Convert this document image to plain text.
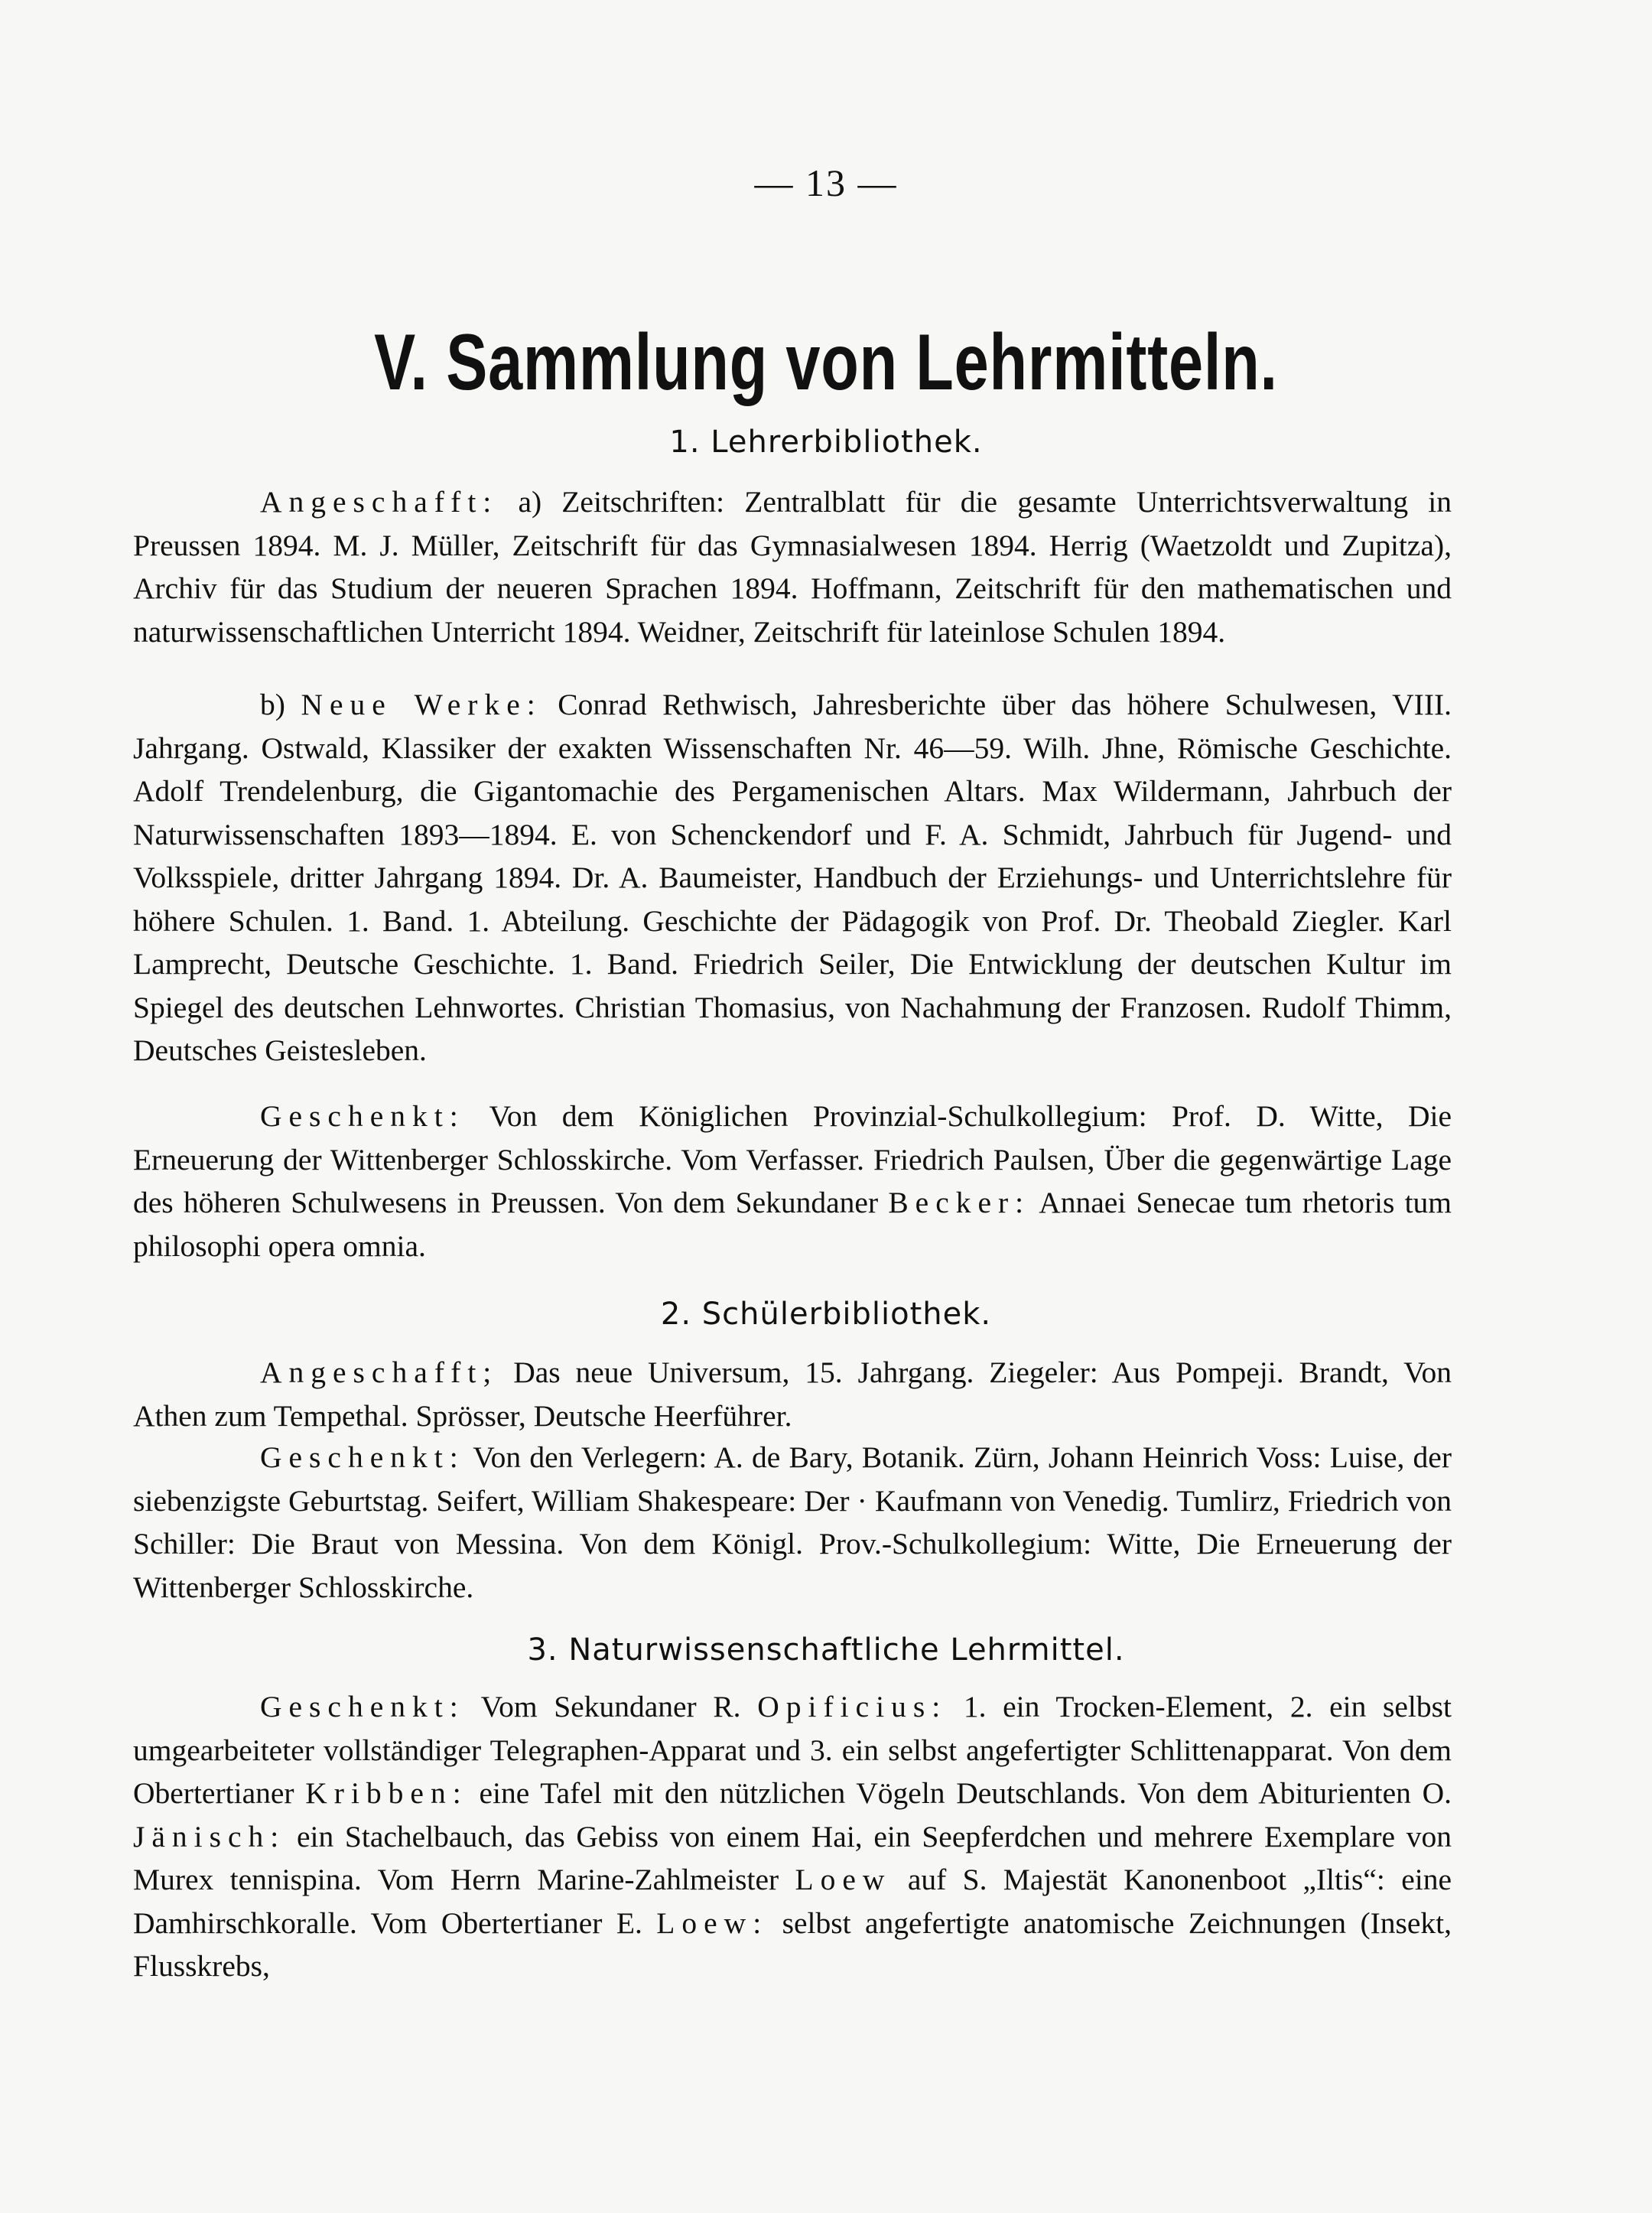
— 13 —
V. Sammlung von Lehrmitteln.
1. Lehrerbibliothek.
Angeschafft: a) Zeitschriften: Zentralblatt für die gesamte Unterrichtsverwaltung in Preussen 1894. M. J. Müller, Zeitschrift für das Gymnasialwesen 1894. Herrig (Waetzoldt und Zupitza), Archiv für das Studium der neueren Sprachen 1894. Hoffmann, Zeitschrift für den mathematischen und naturwissenschaftlichen Unterricht 1894. Weidner, Zeitschrift für lateinlose Schulen 1894.
b) Neue Werke: Conrad Rethwisch, Jahresberichte über das höhere Schulwesen, VIII. Jahrgang. Ostwald, Klassiker der exakten Wissenschaften Nr. 46—59. Wilh. Jhne, Römische Geschichte. Adolf Trendelenburg, die Gigantomachie des Pergamenischen Altars. Max Wildermann, Jahrbuch der Naturwissenschaften 1893—1894. E. von Schenckendorf und F. A. Schmidt, Jahrbuch für Jugend- und Volksspiele, dritter Jahrgang 1894. Dr. A. Baumeister, Handbuch der Erziehungs- und Unterrichtslehre für höhere Schulen. 1. Band. 1. Abteilung. Geschichte der Pädagogik von Prof. Dr. Theobald Ziegler. Karl Lamprecht, Deutsche Geschichte. 1. Band. Friedrich Seiler, Die Entwicklung der deutschen Kultur im Spiegel des deutschen Lehnwortes. Christian Thomasius, von Nachahmung der Franzosen. Rudolf Thimm, Deutsches Geistesleben.
Geschenkt: Von dem Königlichen Provinzial-Schulkollegium: Prof. D. Witte, Die Erneuerung der Wittenberger Schlosskirche. Vom Verfasser. Friedrich Paulsen, Über die gegenwärtige Lage des höheren Schulwesens in Preussen. Von dem Sekundaner Becker: Annaei Senecae tum rhetoris tum philosophi opera omnia.
2. Schülerbibliothek.
Angeschafft; Das neue Universum, 15. Jahrgang. Ziegeler: Aus Pompeji. Brandt, Von Athen zum Tempethal. Sprösser, Deutsche Heerführer.
Geschenkt: Von den Verlegern: A. de Bary, Botanik. Zürn, Johann Heinrich Voss: Luise, der siebenzigste Geburtstag. Seifert, William Shakespeare: Der · Kaufmann von Venedig. Tumlirz, Friedrich von Schiller: Die Braut von Messina. Von dem Königl. Prov.-Schulkollegium: Witte, Die Erneuerung der Wittenberger Schlosskirche.
3. Naturwissenschaftliche Lehrmittel.
Geschenkt: Vom Sekundaner R. Opificius: 1. ein Trocken-Element, 2. ein selbst umgearbeiteter vollständiger Telegraphen-Apparat und 3. ein selbst angefertigter Schlittenapparat. Von dem Obertertianer Kribben: eine Tafel mit den nützlichen Vögeln Deutschlands. Von dem Abiturienten O. Jänisch: ein Stachelbauch, das Gebiss von einem Hai, ein Seepferdchen und mehrere Exemplare von Murex tennispina. Vom Herrn Marine-Zahlmeister Loew auf S. Majestät Kanonenboot „Iltis“: eine Damhirschkoralle. Vom Obertertianer E. Loew: selbst angefertigte anatomische Zeichnungen (Insekt, Flusskrebs,
